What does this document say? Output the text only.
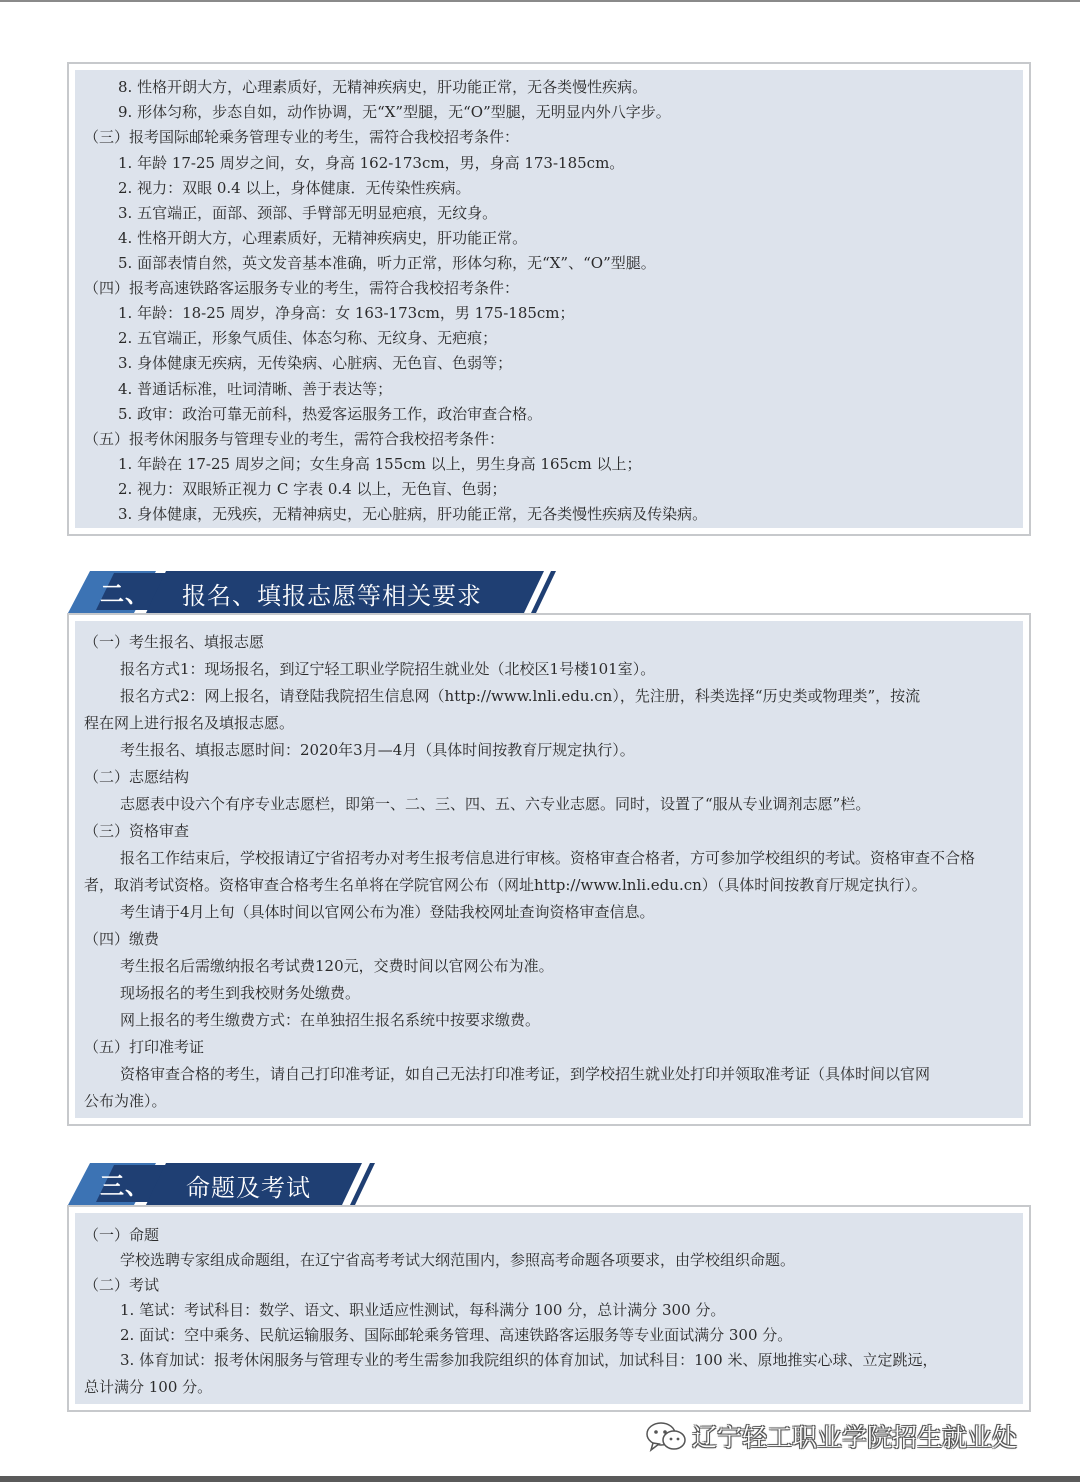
8. 性格开朗大方，心理素质好，无精神疾病史，肝功能正常，无各类慢性疾病。
9. 形体匀称，步态自如，动作协调，无“X”型腿，无“O”型腿，无明显内外八字步。
（三）报考国际邮轮乘务管理专业的考生，需符合我校招考条件：
1. 年龄 17-25 周岁之间，女，身高 162-173cm，男，身高 173-185cm。
2. 视力：双眼 0.4 以上，身体健康．无传染性疾病。
3. 五官端正，面部、颈部、手臂部无明显疤痕，无纹身。
4. 性格开朗大方，心理素质好，无精神疾病史，肝功能正常。
5. 面部表情自然，英文发音基本准确，听力正常，形体匀称，无“X”、“O”型腿。
（四）报考高速铁路客运服务专业的考生，需符合我校招考条件：
1. 年龄：18-25 周岁，净身高：女 163-173cm，男 175-185cm；
2. 五官端正，形象气质佳、体态匀称、无纹身、无疤痕；
3. 身体健康无疾病，无传染病、心脏病、无色盲、色弱等；
4. 普通话标准，吐词清晰、善于表达等；
5. 政审：政治可靠无前科，热爱客运服务工作，政治审查合格。
（五）报考休闲服务与管理专业的考生，需符合我校招考条件：
1. 年龄在 17-25 周岁之间；女生身高 155cm 以上，男生身高 165cm 以上；
2. 视力：双眼矫正视力 C 字表 0.4 以上，无色盲、色弱；
3. 身体健康，无残疾，无精神病史，无心脏病，肝功能正常，无各类慢性疾病及传染病。
二、 报名、填报志愿等相关要求
（一）考生报名、填报志愿
报名方式1：现场报名，到辽宁轻工职业学院招生就业处（北校区1号楼101室）。
报名方式2：网上报名，请登陆我院招生信息网（http://www.lnli.edu.cn），先注册，科类选择“历史类或物理类”，按流
程在网上进行报名及填报志愿。
考生报名、填报志愿时间：2020年3月—4月（具体时间按教育厅规定执行）。
（二）志愿结构
志愿表中设六个有序专业志愿栏，即第一、二、三、四、五、六专业志愿。同时，设置了“服从专业调剂志愿”栏。
（三）资格审查
报名工作结束后，学校报请辽宁省招考办对考生报考信息进行审核。资格审查合格者，方可参加学校组织的考试。资格审查不合格
者，取消考试资格。资格审查合格考生名单将在学院官网公布（网址http://www.lnli.edu.cn）（具体时间按教育厅规定执行）。
考生请于4月上旬（具体时间以官网公布为准）登陆我校网址查询资格审查信息。
（四）缴费
考生报名后需缴纳报名考试费120元，交费时间以官网公布为准。
现场报名的考生到我校财务处缴费。
网上报名的考生缴费方式：在单独招生报名系统中按要求缴费。
（五）打印准考证
资格审查合格的考生，请自己打印准考证，如自己无法打印准考证，到学校招生就业处打印并领取准考证（具体时间以官网
公布为准）。
三、 命题及考试
（一）命题
学校选聘专家组成命题组，在辽宁省高考考试大纲范围内，参照高考命题各项要求，由学校组织命题。
（二）考试
1. 笔试：考试科目：数学、语文、职业适应性测试，每科满分 100 分，总计满分 300 分。
2. 面试：空中乘务、民航运输服务、国际邮轮乘务管理、高速铁路客运服务等专业面试满分 300 分。
3. 体育加试：报考休闲服务与管理专业的考生需参加我院组织的体育加试，加试科目：100 米、原地推实心球、立定跳远，
总计满分 100 分。
辽宁轻工职业学院招生就业处
